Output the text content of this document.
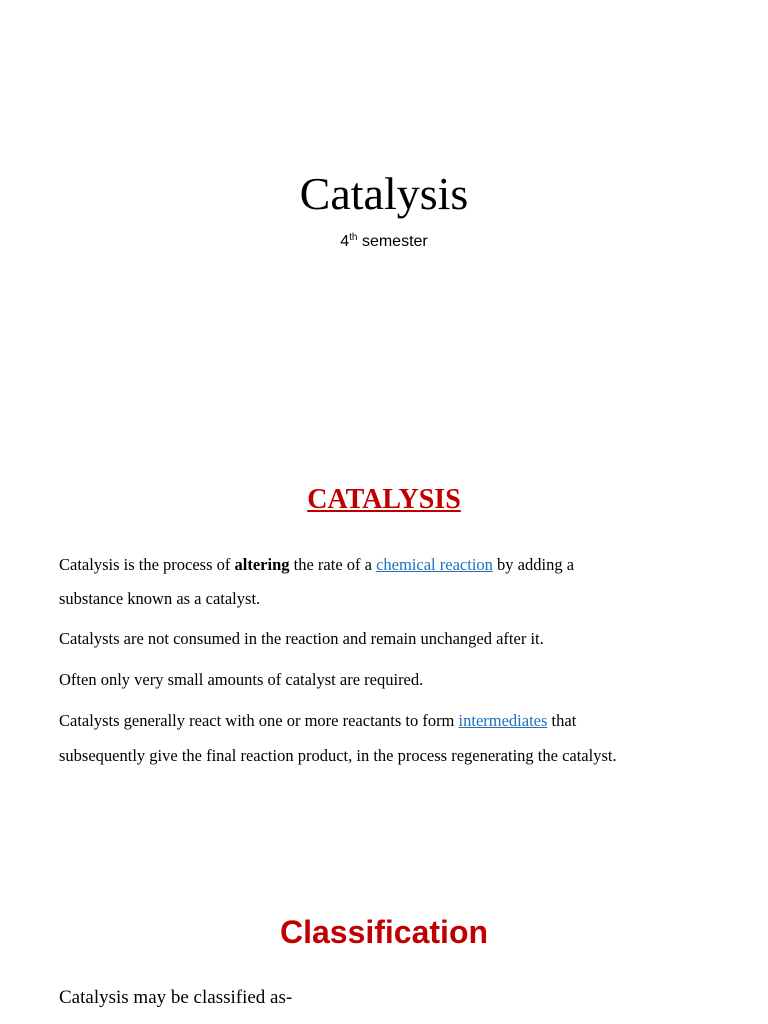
Catalysis
4th semester
CATALYSIS
Catalysis is the process of altering the rate of a chemical reaction by adding a
substance known as a catalyst.
Catalysts are not consumed in the reaction and remain unchanged after it.
Often only very small amounts of catalyst are required.
Catalysts generally react with one or more reactants to form intermediates that
subsequently give the final reaction product, in the process regenerating the catalyst.
Classification
Catalysis may be classified as-
